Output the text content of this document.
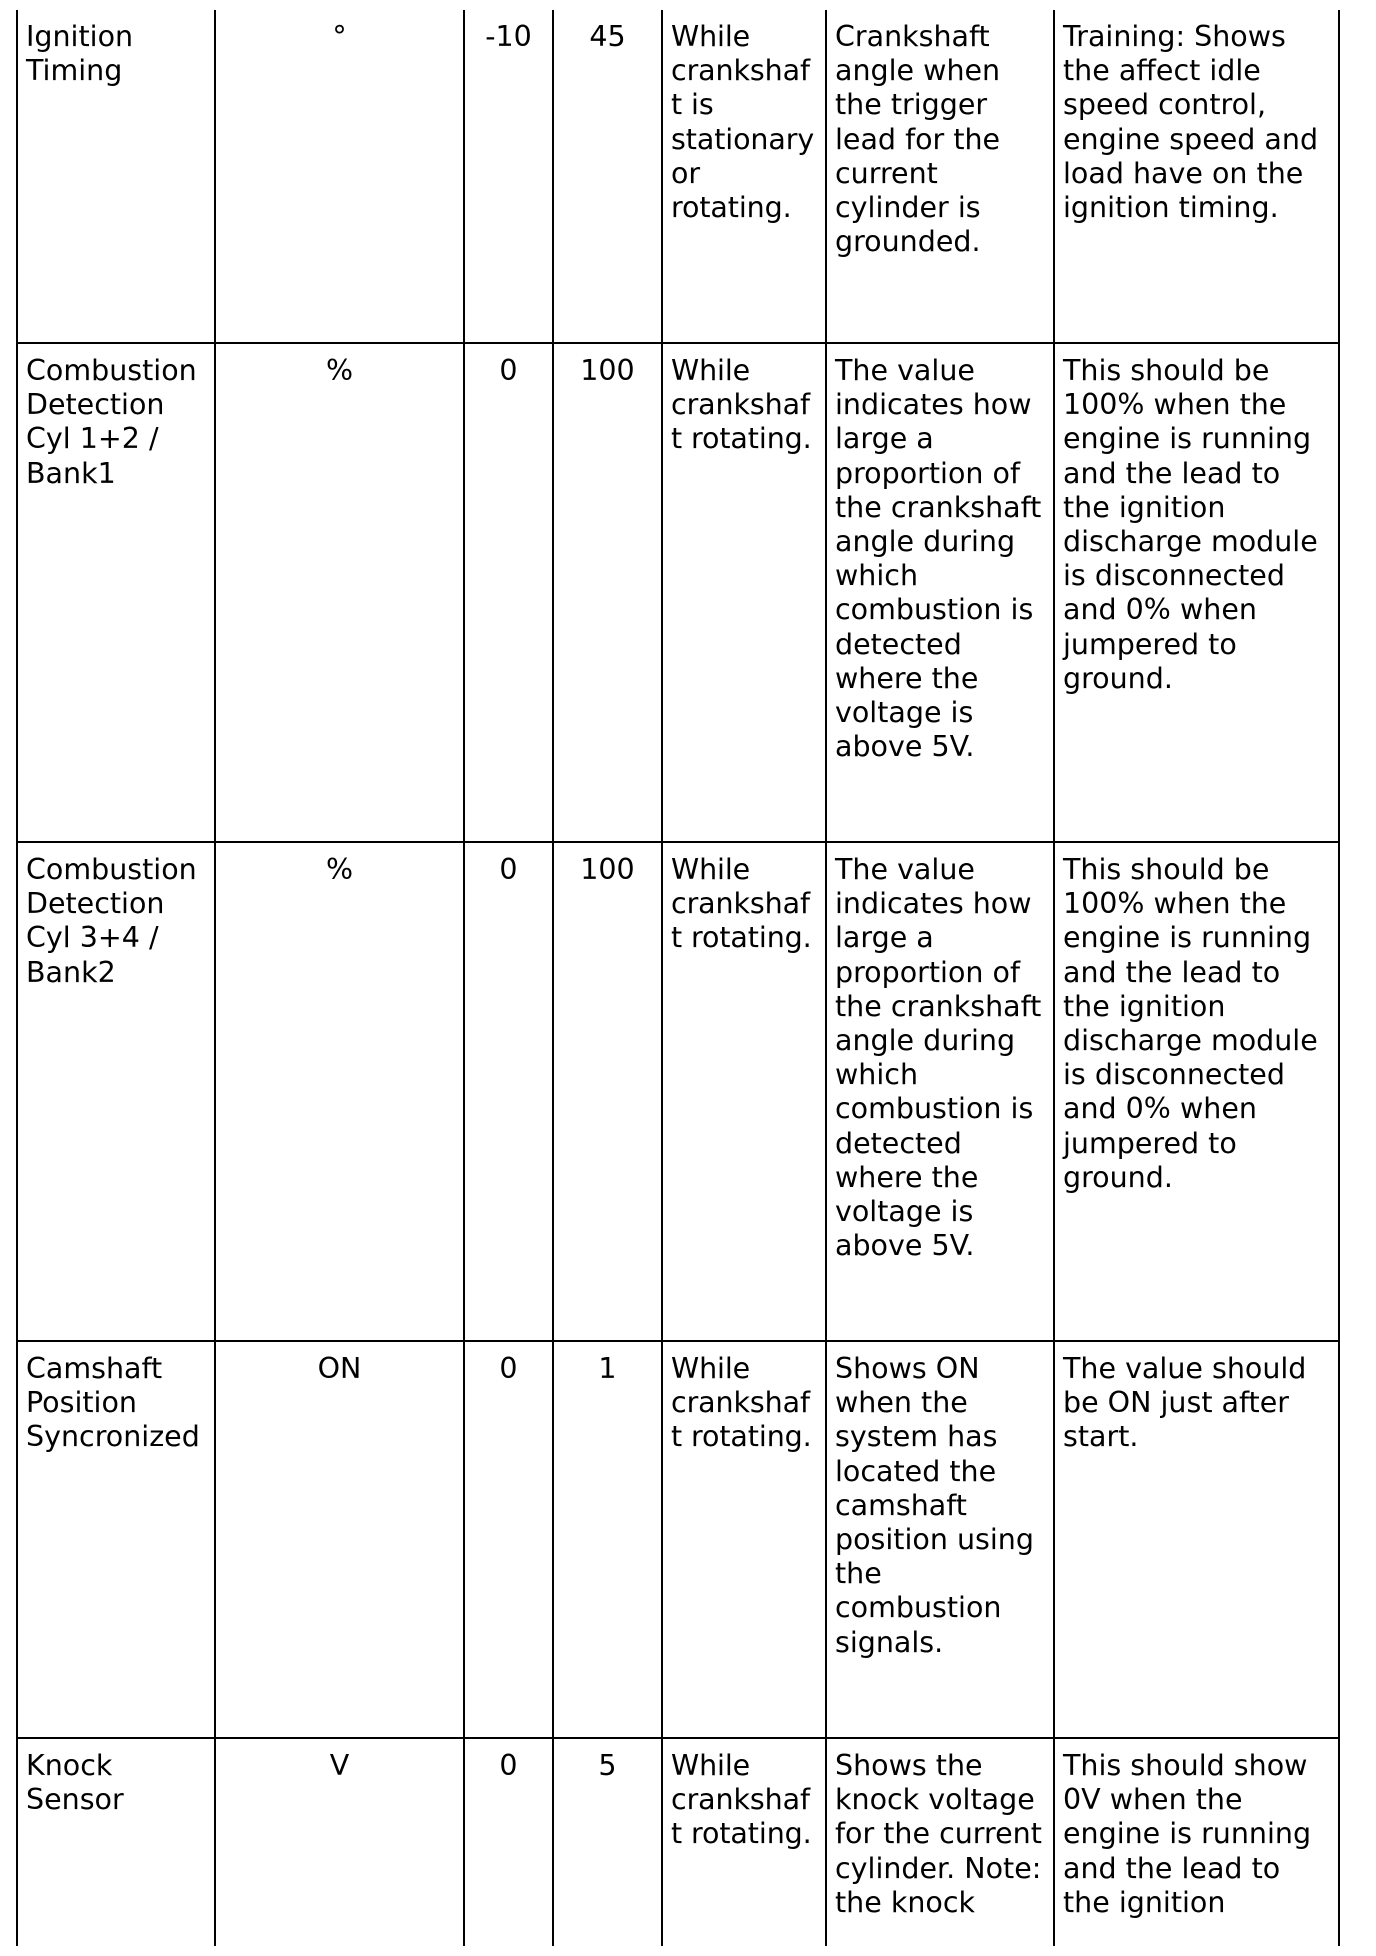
Ignition Timing	°	-10	45	While crankshaft is stationary or rotating.	Crankshaft angle when the trigger lead for the current cylinder is grounded.	Training: Shows the affect idle speed control, engine speed and load have on the ignition timing.
Combustion Detection Cyl 1+2 / Bank1	%	0	100	While crankshaft rotating.	The value indicates how large a proportion of the crankshaft angle during which combustion is detected where the voltage is above 5V.	This should be 100% when the engine is running and the lead to the ignition discharge module is disconnected and 0% when jumpered to ground.
Combustion Detection Cyl 3+4 / Bank2	%	0	100	While crankshaft rotating.	The value indicates how large a proportion of the crankshaft angle during which combustion is detected where the voltage is above 5V.	This should be 100% when the engine is running and the lead to the ignition discharge module is disconnected and 0% when jumpered to ground.
Camshaft Position Syncronized	ON	0	1	While crankshaft rotating.	Shows ON when the system has located the camshaft position using the combustion signals.	The value should be ON just after start.
Knock Sensor	V	0	5	While crankshaft rotating.	Shows the knock voltage for the current cylinder. Note: the knock	This should show 0V when the engine is running and the lead to the ignition
